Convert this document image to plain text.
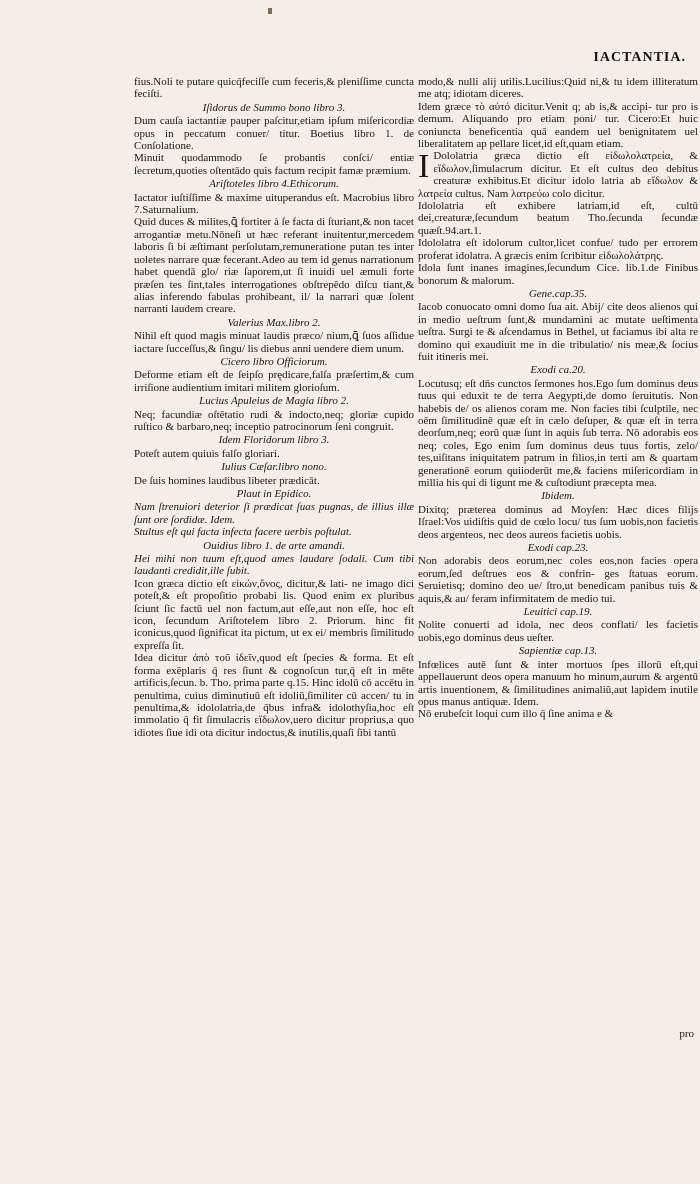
IACTANTIA.

fius.Noli te putare quicq̄feciſſe cum feceris,& pleniſſime cuncta feciſti.

Iſidorus de Summo bono libro 3.

Dum cauſa iactantiæ pauper paſcitur,etiam ipſum miſericordiæ opus in peccatum conuer/ titur. Boetius libro 1. de Conſolatione.

Minuit quodammodo ſe probantis conſci/ entiæ ſecretum,quoties oſtentādo quis factum recipit famæ præmium.

Ariſtoteles libro 4.Ethicorum.

Iactator iuſtiſſime & maxime uituperandus eſt. Macrobius libro 7.Saturnalium.

Quid duces & milites,ꝗ̄ fortiter à ſe facta di ſturiant,& non tacet arrogantiæ metu.Nōneſi ut hæc referant inuitentur,mercedem laboris ſi bi æſtimant perſolutam,remuneratione putan tes inter uoletes narrare quæ fecerant.Adeo au tem id genus narrationum habet quendā glo/ riæ ſaporem,ut ſi inuidi uel æmuli forte præſen tes ſint,tales interrogationes obſtrepēdo diſcu tiant,& alias inferendo fabulas prohibeant, il/ la narrari quæ ſolent narranti laudem creare.

Valerius Max.libro 2.

Nihil eſt quod magis minuat laudis præco/ nium,ꝗ̄ ſuos aſſidue iactare ſucceſſus,& ſingu/ lis diebus anni uendere diem unum.

Cicero libro Officiorum.

Deforme etiam eſt de ſeipſo prędicare,falſa præſertim,& cum irriſione audientium imitari militem glorioſum.

Lucius Apuleius de Magia libro 2.

Neq; facundiæ oſtētatio rudi & indocto,neq; gloriæ cupido ruſtico & barbaro,neq; inceptio patrocinorum ſeni congruit.

Idem Floridorum libro 3.

Poteſt autem quiuis falſo gloriari.

Iulius Cæſar.libro nono.

De ſuis homines laudibus libeter prædicāt.

Plaut in Epidico.

Nam ſtrenuiori deterior ſi prædicat ſuas pugnas, de illius illæ ſunt ore ſordidæ. Idem.

Stultus eſt qui facta infecta facere uerbis poſtulat.

Ouidius libro 1. de arte amandi.

Hei mihi non tuum eſt,quod ames laudare ſodali. Cum tibi laudanti credidit,ille ſubit.

Icon græca dictio eſt εἰκών,ὄνος, dicitur,& lati- ne imago dici poteſt,& eſt propoſitio probabi lis. Quod enim ex pluribus ſciunt ſic factū uel non factum,aut eſſe,aut non eſſe, hoc eſt icon, ſecundum Ariſtotelem libro 2. Priorum. hinc fit iconicus,quod ſignificat ita pictum, ut ex ei/ membris ſimilitudo expreſſa ſit.

Idea dicitur ἀπὸ τοῦ ἰδεῖν,quod eſt ſpecies & forma. Et eſt forma exēplaris q̄ res ſiunt & cognoſcun tur,q̄ eſt in mēte artificis,ſecun. b. Tho. prima parte q.15. Hinc idolū cō accētu in penultima, cuius diminutiuū eſt idoliū,ſimiliter cū accen/ tu in penultima,& idololatria,de q̄bus infra& idolothyſia,hoc eſt immolatio q̄ fit ſimulacris εἴδωλον,uero dicitur proprius,a quo idiotes ſiue idi ota dicitur indoctus,& inutilis,quaſi ſibi tantū

modo,& nulli alij utilis.Lucilius:Quid ni,& tu idem illiteratum me atq; idiotam diceres.

Idem græce τὸ αὐτό dicitur.Venit q; ab is,& accipi- tur pro is demum. Aliquando pro etiam poni/ tur. Cicero:Et huic coniuncta beneficentia quā eandem uel benignitatem uel liberalitatem ap pellare licet,id eſt,quam etiam.

I Dololatria græca dictio eſt εἰδωλολατρεία, & εἴδωλον,ſimulacrum dicitur. Et eſt cultus deo debitus creaturæ exhibitus.Et dicitur idolo latria ab εἴδωλον & λατρεία cultus. Nam λατρεύω colo dicitur.

Idololatria eſt exhibere latriam,id eſt, cultū dei,creaturæ,ſecundum beatum Tho.ſecunda ſecundæ quæſt.94.art.1.

Idololatra eſt idolorum cultor,licet confue/ tudo per errorem proferat idolatra. A græcis enim ſcribitur εἰδωλολάτρης.

Idola ſunt inanes imagines,ſecundum Cice. lib.1.de Finibus bonorum & malorum.

Gene.cap.35.

Iacob conuocato omni domo ſua ait. Abij/ cite deos alienos qui in medio ueſtrum ſunt,& mundamini ac mutate ueſtimenta ueſtra. Surgi te & aſcendamus in Bethel, ut faciamus ibi alta re domino qui exaudiuit me in die tribulatio/ nis meæ,& ſocius fuit itineris mei.

Exodi ca.20.

Locutusq; eſt dn̄s cunctos ſermones hos.Ego ſum dominus deus tuus qui eduxit te de terra Aegypti,de domo ſeruitutis. Non habebis de/ os alienos coram me. Non facies tibi ſculptile, nec oēm ſimilitudinē quæ eſt in cælo deſuper, & quæ eſt in terra deorſum,neq; eorū quæ ſunt in aquis ſub terra. Nō adorabis eos neq; coles, Ego enim ſum dominus deus tuus fortis, zelo/ tes,uiſitans iniquitatem patrum in filios,in terti am & quartam generationē eorum quiioderūt me,& faciens miſericordiam in millia his qui di ligunt me & cuſtodiunt præcepta mea.

Ibidem.

Dixitq; præterea dominus ad Moyſen: Hæc dices filijs Iſrael:Vos uidiſtis quid de cœlo locu/ tus ſum uobis,non facietis deos argenteos, nec deos aureos facietis uobis.

Exodi cap.23.

Non adorabis deos eorum,nec coles eos,non facies opera eorum,ſed deſtrues eos & confrin- ges ſtatuas eorum. Seruietisq; domino deo ue/ ſtro,ut benedicam panibus tuis & aquis,& au/ feram infirmitatem de medio tui.

Leuitici cap.19.

Nolite conuerti ad idola, nec deos conflati/ les facietis uobis,ego dominus deus ueſter.

Sapientiæ cap.13.

Infœlices autē ſunt & inter mortuos ſpes illorū eſt,qui appellauerunt deos opera manuum ho minum,aurum & argentū artis inuentionem, & ſimilitudines animaliū,aut lapidem inutile opus manus antiquæ. Idem.

Nō erubeſcit loqui cum illo q̄ ſine anima e &

pro
